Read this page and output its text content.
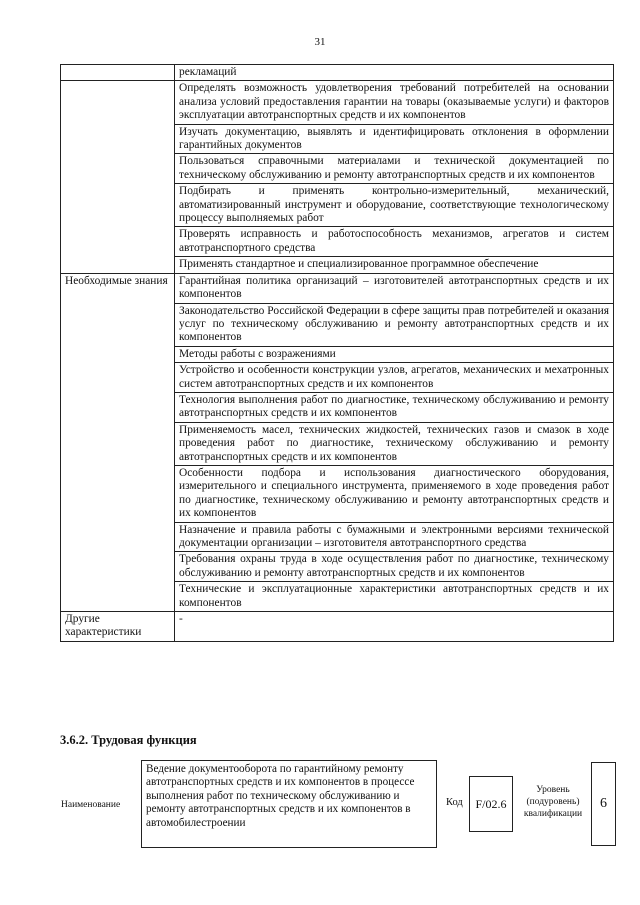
31
	рекламаций
	Определять возможность удовлетворения требований потребителей на основании анализа условий предоставления гарантии на товары (оказываемые услуги) и факторов эксплуатации автотранспортных средств и их компонентов
	Изучать документацию, выявлять и идентифицировать отклонения в оформлении гарантийных документов
	Пользоваться справочными материалами и технической документацией по техническому обслуживанию и ремонту автотранспортных средств и их компонентов
	Подбирать и применять контрольно-измерительный, механический, автоматизированный инструмент и оборудование, соответствующие технологическому процессу выполняемых работ
	Проверять исправность и работоспособность механизмов, агрегатов и систем автотранспортного средства
	Применять стандартное и специализированное программное обеспечение
Необходимые знания	Гарантийная политика организаций – изготовителей автотранспортных средств и их компонентов
	Законодательство Российской Федерации в сфере защиты прав потребителей и оказания услуг по техническому обслуживанию и ремонту автотранспортных средств и их компонентов
	Методы работы с возражениями
	Устройство и особенности конструкции узлов, агрегатов, механических и мехатронных систем автотранспортных средств и их компонентов
	Технология выполнения работ по диагностике, техническому обслуживанию и ремонту автотранспортных средств и их компонентов
	Применяемость масел, технических жидкостей, технических газов и смазок в ходе проведения работ по диагностике, техническому обслуживанию и ремонту автотранспортных средств и их компонентов
	Особенности подбора и использования диагностического оборудования, измерительного и специального инструмента, применяемого в ходе проведения работ по диагностике, техническому обслуживанию и ремонту автотранспортных средств и их компонентов
	Назначение и правила работы с бумажными и электронными версиями технической документации организации – изготовителя автотранспортного средства
	Требования охраны труда в ходе осуществления работ по диагностике, техническому обслуживанию и ремонту автотранспортных средств и их компонентов
	Технические и эксплуатационные характеристики автотранспортных средств и их компонентов
Другие характеристики	-
3.6.2. Трудовая функция
Наименование
Ведение документооборота по гарантийному ремонту автотранспортных средств и их компонентов в процессе выполнения работ по техническому обслуживанию и ремонту автотранспортных средств и их компонентов в автомобилестроении
Код	F/02.6
Уровень (подуровень) квалификации
6
